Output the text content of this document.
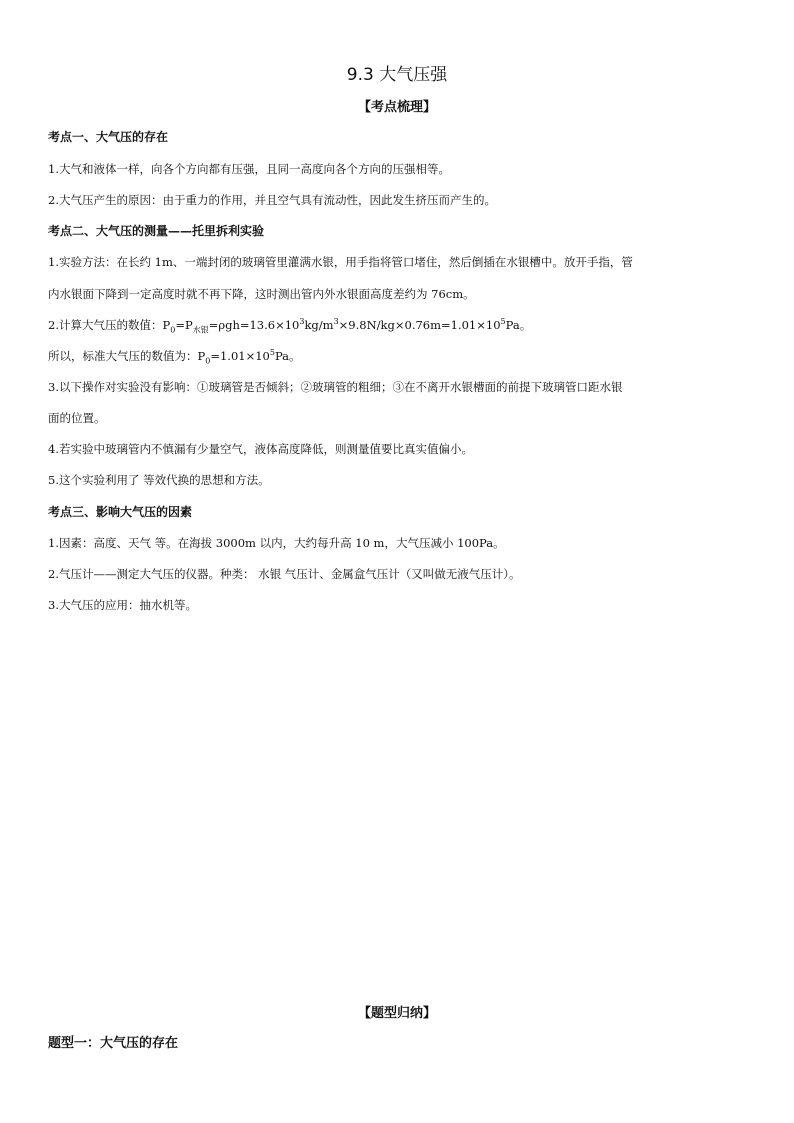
9.3 大气压强
【考点梳理】
考点一、大气压的存在
1.大气和液体一样，向各个方向都有压强，且同一高度向各个方向的压强相等。
2.大气压产生的原因：由于重力的作用，并且空气具有流动性，因此发生挤压而产生的。
考点二、大气压的测量——托里拆利实验
1.实验方法：在长约 1m、一端封闭的玻璃管里灌满水银，用手指将管口堵住，然后倒插在水银槽中。放开手指，管
内水银面下降到一定高度时就不再下降，这时测出管内外水银面高度差约为 76cm。
2.计算大气压的数值：$P_0=P_{水银}=\rho gh=13.6\times 10^3kg/m^3\times 9.8N/kg\times 0.76m=1.01\times 10^5Pa$。
所以，标准大气压的数值为：$P_0=1.01\times 10^5Pa$。
3.以下操作对实验没有影响：①玻璃管是否倾斜；②玻璃管的粗细；③在不离开水银槽面的前提下玻璃管口距水银
面的位置。
4.若实验中玻璃管内不慎漏有少量空气，液体高度降低，则测量值要比真实值偏小。
5.这个实验利用了 等效代换的思想和方法。
考点三、影响大气压的因素
1.因素：高度、天气 等。在海拔 3000m 以内，大约每升高 10 m，大气压减小 100Pa。
2.气压计——测定大气压的仪器。种类： 水银 气压计、金属盒气压计（又叫做无液气压计）。
3.大气压的应用：抽水机等。
【题型归纳】
题型一：大气压的存在
